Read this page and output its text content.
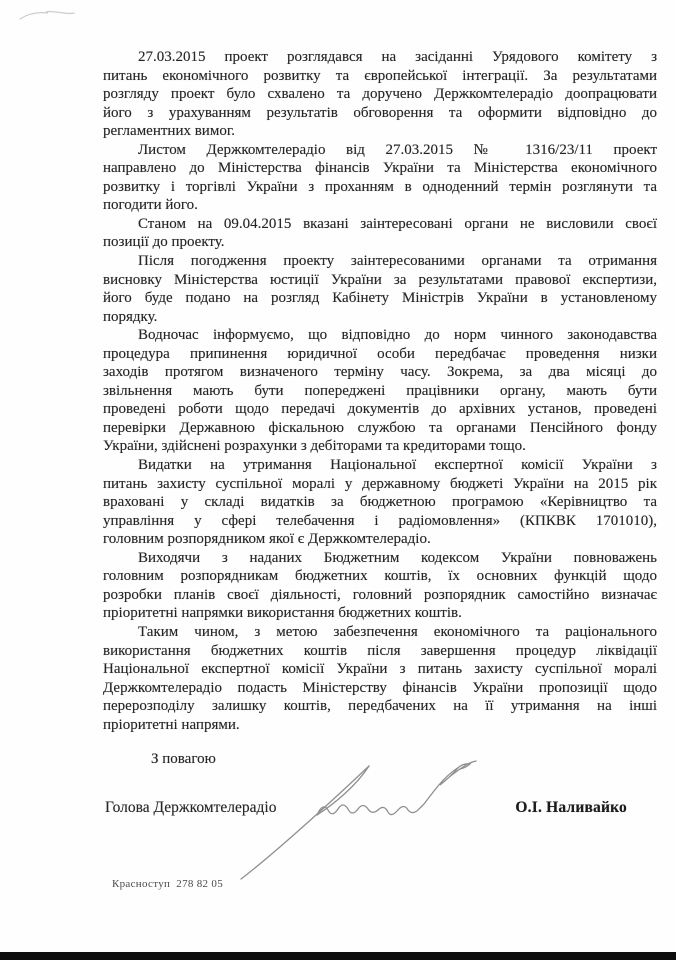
27.03.2015 проект розглядався на засіданні Урядового комітету з
питань економічного розвитку та європейської інтеграції. За результатами
розгляду проект було схвалено та доручено Держкомтелерадіо доопрацювати
його з урахуванням результатів обговорення та оформити відповідно до
регламентних вимог.
Листом Держкомтелерадіо від 27.03.2015 № 1316/23/11 проект
направлено до Міністерства фінансів України та Міністерства економічного
розвитку і торгівлі України з проханням в одноденний термін розглянути та
погодити його.
Станом на 09.04.2015 вказані заінтересовані органи не висловили своєї
позиції до проекту.
Після погодження проекту заінтересованими органами та отримання
висновку Міністерства юстиції України за результатами правової експертизи,
його буде подано на розгляд Кабінету Міністрів України в установленому
порядку.
Водночас інформуємо, що відповідно до норм чинного законодавства
процедура припинення юридичної особи передбачає проведення низки
заходів протягом визначеного терміну часу. Зокрема, за два місяці до
звільнення мають бути попереджені працівники органу, мають бути
проведені роботи щодо передачі документів до архівних установ, проведені
перевірки Державною фіскальною службою та органами Пенсійного фонду
України, здійснені розрахунки з дебіторами та кредиторами тощо.
Видатки на утримання Національної експертної комісії України з
питань захисту суспільної моралі у державному бюджеті України на 2015 рік
враховані у складі видатків за бюджетною програмою «Керівництво та
управління у сфері телебачення і радіомовлення» (КПКВК 1701010),
головним розпорядником якої є Держкомтелерадіо.
Виходячи з наданих Бюджетним кодексом України повноважень
головним розпорядникам бюджетних коштів, їх основних функцій щодо
розробки планів своєї діяльності, головний розпорядник самостійно визначає
пріоритетні напрямки використання бюджетних коштів.
Таким чином, з метою забезпечення економічного та раціонального
використання бюджетних коштів після завершення процедур ліквідації
Національної експертної комісії України з питань захисту суспільної моралі
Держкомтелерадіо подасть Міністерству фінансів України пропозиції щодо
перерозподілу залишку коштів, передбачених на її утримання на інші
пріоритетні напрями.
З повагою
Голова Держкомтелерадіо	О.І. Наливайко
Красноступ  278 82 05
